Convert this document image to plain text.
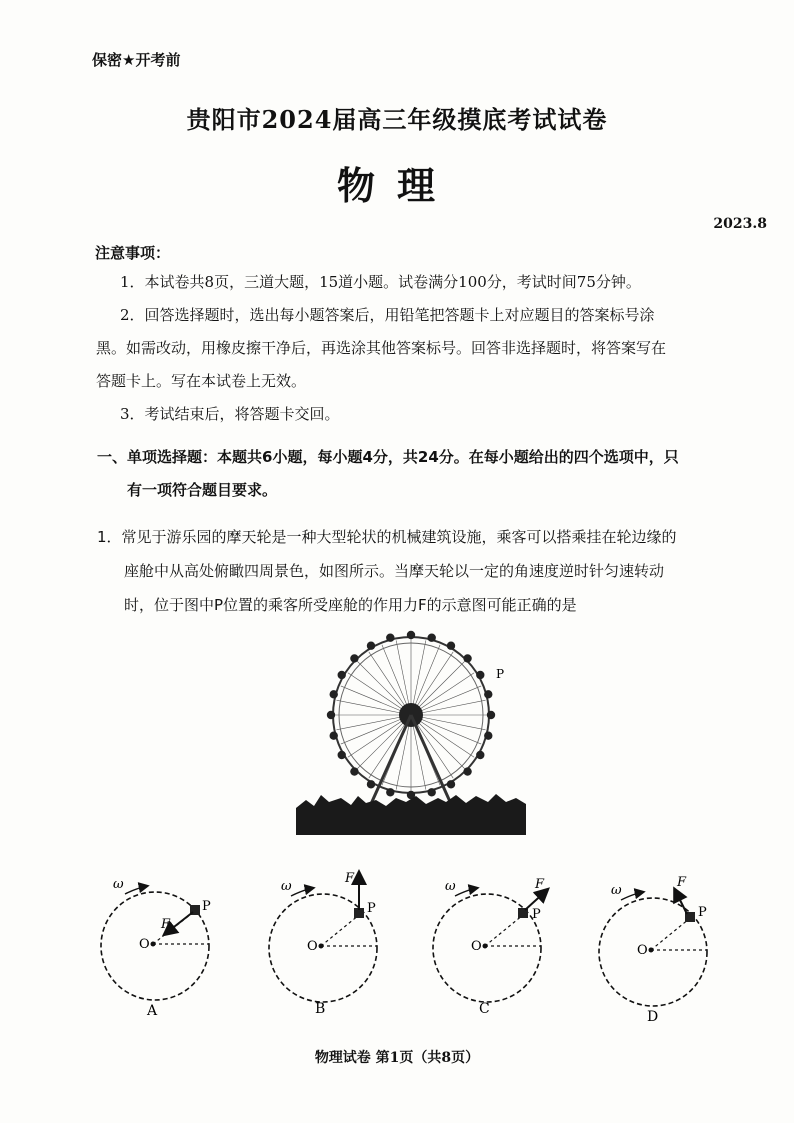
保密★开考前
贵阳市2024届高三年级摸底考试试卷
物理
2023.8
注意事项：
1．本试卷共8页，三道大题，15道小题。试卷满分100分，考试时间75分钟。
2．回答选择题时，选出每小题答案后，用铅笔把答题卡上对应题目的答案标号涂
黑。如需改动，用橡皮擦干净后，再选涂其他答案标号。回答非选择题时，将答案写在
答题卡上。写在本试卷上无效。
3．考试结束后，将答题卡交回。
一、单项选择题：本题共6小题，每小题4分，共24分。在每小题给出的四个选项中，只
有一项符合题目要求。
1．常见于游乐园的摩天轮是一种大型轮状的机械建筑设施，乘客可以搭乘挂在轮边缘的
座舱中从高处俯瞰四周景色，如图所示。当摩天轮以一定的角速度逆时针匀速转动
时，位于图中P位置的乘客所受座舱的作用力F的示意图可能正确的是
P
ω
O
F
P
A
ω
O
F
P
B
ω
O
F
P
C
ω
O
F
P
D
物理试卷 第1页（共8页）
